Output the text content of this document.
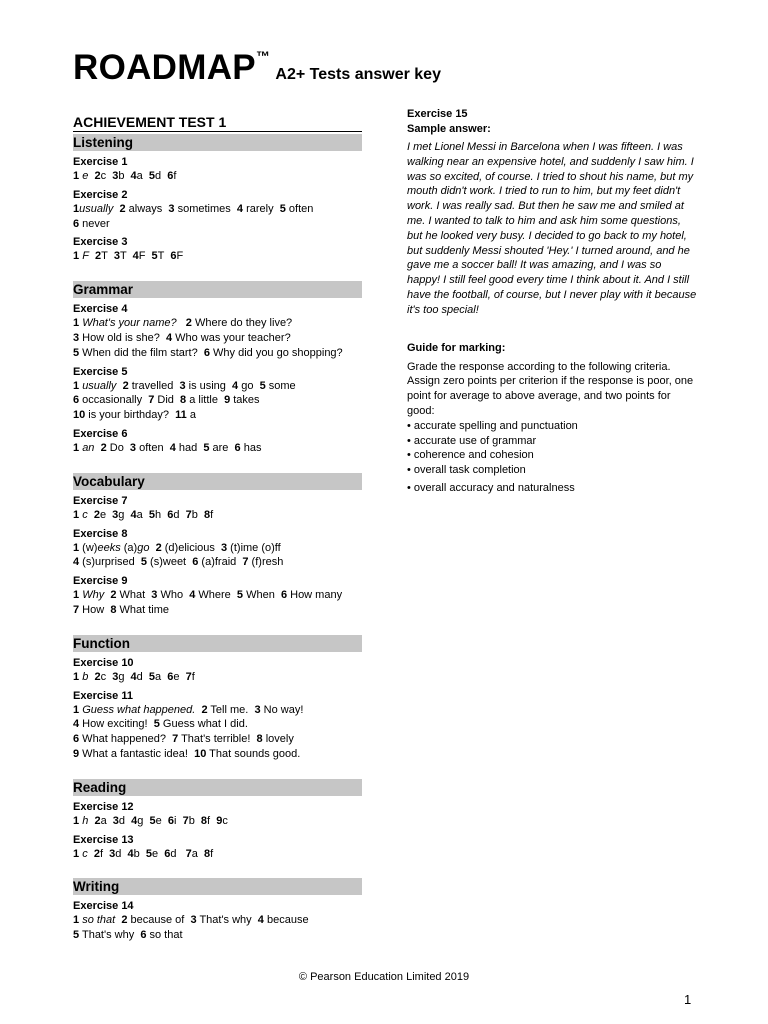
ROADMAP™ A2+ Tests answer key
ACHIEVEMENT TEST 1
Listening
Exercise 1
1 e 2c  3b  4a  5d  6f
Exercise 2
1usually 2 always  3 sometimes  4 rarely  5 often
6 never
Exercise 3
1 F 2T  3T  4F  5T  6F
Grammar
Exercise 4
1 What's your name? 2 Where do they live?
3 How old is she?  4 Who was your teacher?
5 When did the film start?  6 Why did you go shopping?
Exercise 5
1 usually 2 travelled  3 is using  4 go  5 some
6 occasionally  7 Did  8 a little  9 takes
10 is your birthday?  11 a
Exercise 6
1 an 2 Do  3 often  4 had  5 are  6 has
Vocabulary
Exercise 7
1 c 2e  3g  4a  5h  6d  7b  8f
Exercise 8
1 (w)eeks (a)go 2 (d)elicious  3 (t)ime (o)ff
4 (s)urprised  5 (s)weet  6 (a)fraid  7 (f)resh
Exercise 9
1 Why 2 What  3 Who  4 Where  5 When  6 How many
7 How  8 What time
Function
Exercise 10
1 b 2c  3g  4d  5a  6e  7f
Exercise 11
1 Guess what happened. 2 Tell me.  3 No way!
4 How exciting!  5 Guess what I did.
6 What happened?  7 That's terrible!  8 lovely
9 What a fantastic idea!  10 That sounds good.
Reading
Exercise 12
1 h 2a  3d  4g  5e  6i  7b  8f  9c
Exercise 13
1 c 2f  3d  4b  5e  6d   7a  8f
Writing
Exercise 14
1 so that 2 because of  3 That's why  4 because
5 That's why  6 so that
Exercise 15
Sample answer:
I met Lionel Messi in Barcelona when I was fifteen. I was walking near an expensive hotel, and suddenly I saw him. I was so excited, of course. I tried to shout his name, but my mouth didn't work. I tried to run to him, but my feet didn't work. I was really sad. But then he saw me and smiled at me. I wanted to talk to him and ask him some questions, but he looked very busy. I decided to go back to my hotel, but suddenly Messi shouted 'Hey.' I turned around, and he gave me a soccer ball! It was amazing, and I was so happy! I still feel good every time I think about it. And I still have the football, of course, but I never play with it because it's too special!
Guide for marking:
Grade the response according to the following criteria. Assign zero points per criterion if the response is poor, one point for average to above average, and two points for good:
• accurate spelling and punctuation
• accurate use of grammar
• coherence and cohesion
• overall task completion
• overall accuracy and naturalness
© Pearson Education Limited 2019
1
